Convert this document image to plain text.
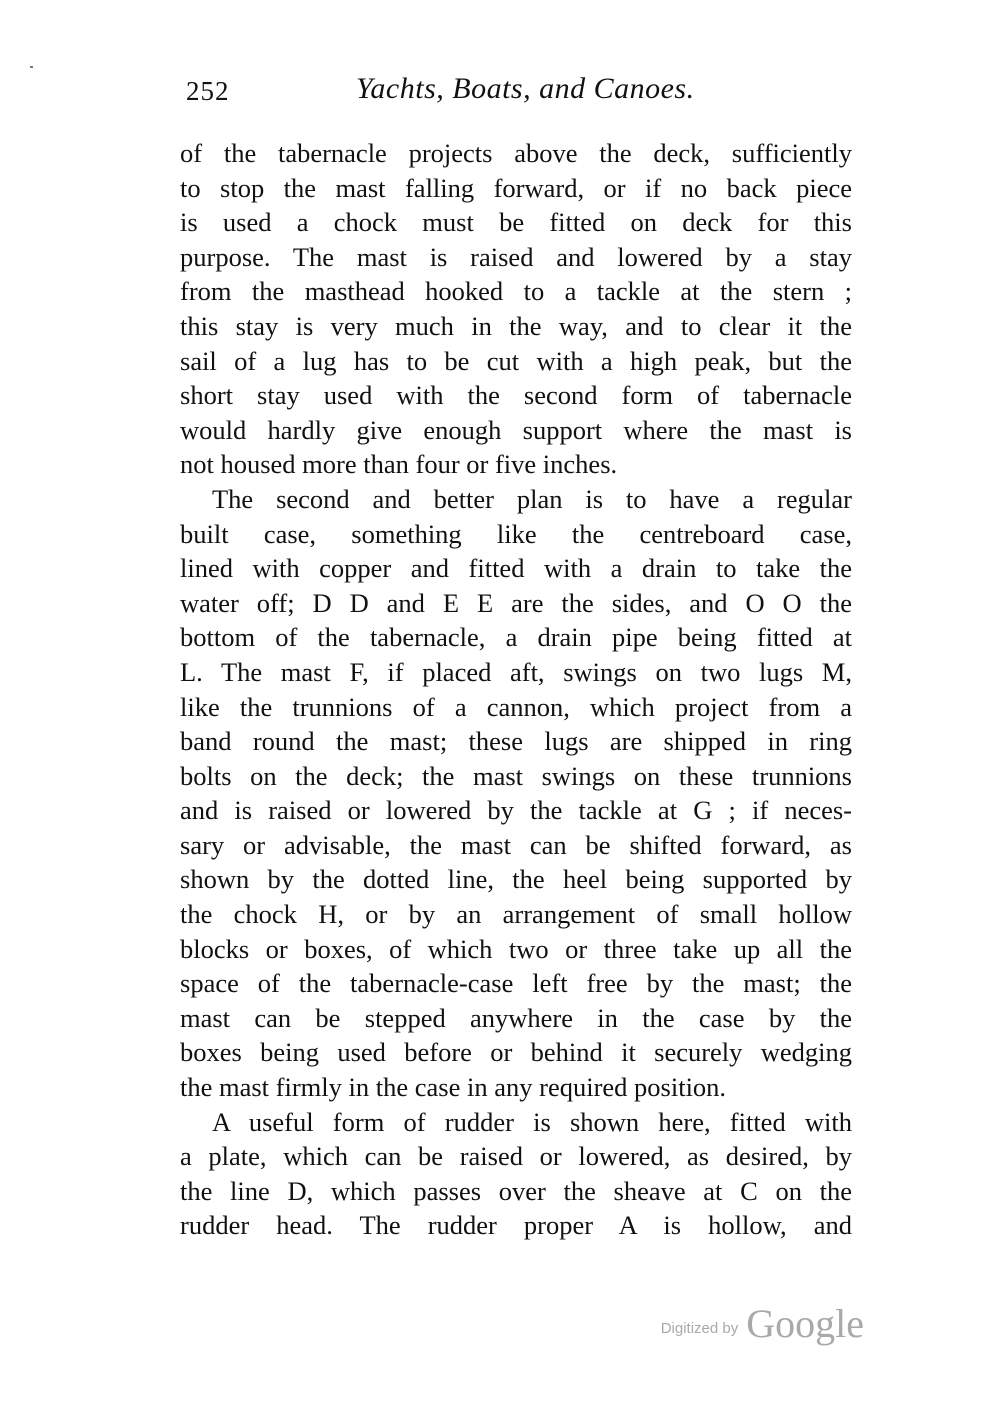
252	Yachts, Boats, and Canoes.
of the tabernacle projects above the deck, sufficiently
to stop the mast falling forward, or if no back piece
is used a chock must be fitted on deck for this
purpose. The mast is raised and lowered by a stay
from the masthead hooked to a tackle at the stern ;
this stay is very much in the way, and to clear it the
sail of a lug has to be cut with a high peak, but the
short stay used with the second form of tabernacle
would hardly give enough support where the mast is
not housed more than four or five inches.
The second and better plan is to have a regular
built case, something like the centreboard case,
lined with copper and fitted with a drain to take the
water off; D D and E E are the sides, and O O the
bottom of the tabernacle, a drain pipe being fitted at
L. The mast F, if placed aft, swings on two lugs M,
like the trunnions of a cannon, which project from a
band round the mast; these lugs are shipped in ring
bolts on the deck; the mast swings on these trunnions
and is raised or lowered by the tackle at G ; if neces-
sary or advisable, the mast can be shifted forward, as
shown by the dotted line, the heel being supported by
the chock H, or by an arrangement of small hollow
blocks or boxes, of which two or three take up all the
space of the tabernacle-case left free by the mast; the
mast can be stepped anywhere in the case by the
boxes being used before or behind it securely wedging
the mast firmly in the case in any required position.
A useful form of rudder is shown here, fitted with
a plate, which can be raised or lowered, as desired, by
the line D, which passes over the sheave at C on the
rudder head. The rudder proper A is hollow, and
Digitized by Google
